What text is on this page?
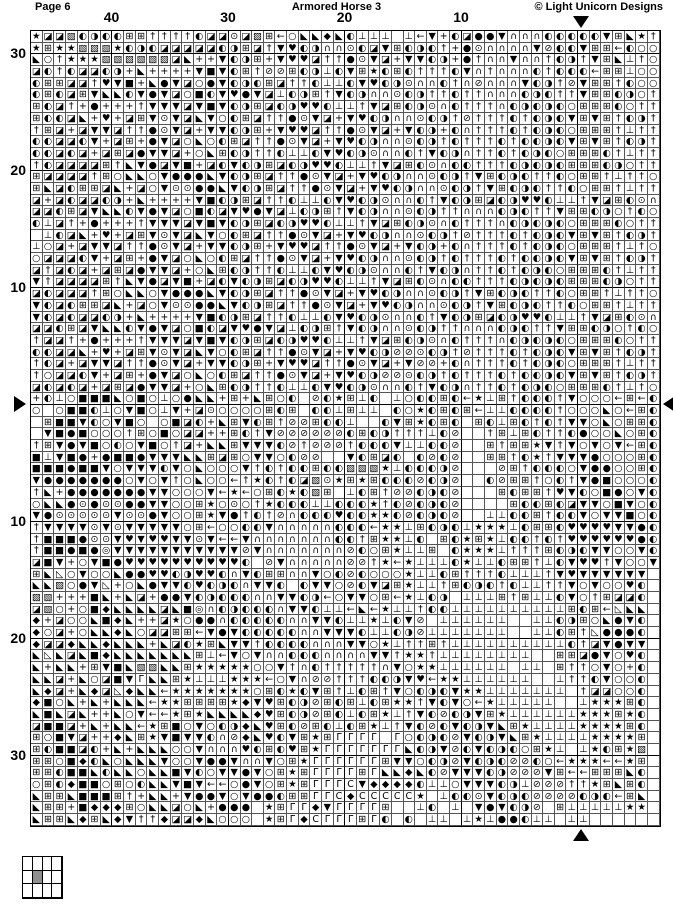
Page 6	Armored Horse 3	© Light Unicorn Designs
40	30	20	10
30
20
10
10
20
30
★ ◪ ◪ ▧ ◐ ◑ ◐ ◐ ⊞ ⊞ † † † † ◐ ◪ ◪ ⊙ ◪ ▧ ⊞ ← ○ ◣ ◣ ◆ ◣ ◐ ⊥ ⊥ ⊥ ⊥ ← ▼ + ◐ ◪ ● ● ▼ ∩ ∩ ∩ ◐ ◐ ◐ ◐ ◐ ▼ ⊞ ◣ ★ †
★ ⊞ ★ ★ ▧ ▧ ▧ ★ ◐ ◑ ◐ ◪ ◪ ◪ ◪ ◪ ◐ ◑ ⊞ ◪ † ▼ ♥ ◐ ◑ ∩ ∩ ⊙ ◐ ◪ ▼ ⊞ ◐ ◑ ◐ † + ● ⊙ ∩ ∩ ∩ ∩ ▼ ⊘ ◐ ◐ ▼ ⊞ ⊞ ← ◐ ○ ○
◣ ○ † ★ ★ ★ ▧ ▧ ▧ ▧ ▧ ▧ ◪ ◣ + + ▼ ◐ ◑ ⊞ + ▼ ♥ ♥ ◪ † † ● ⊙ ▼ ◪ + ▼ ▼ ◐ ◑ + ● † ∩ ∩ ▼ ∩ ∩ † ◐ ◑ † ▼ ⊞ ◣ ⊥ † ○
◪ ◐ † ◐ ◪ ◪ ◐ ◑ + ◣ + + + + ▼ ■ ▼ ◐ ⊞ † ⊘ ⊘ ⊞ ◐ ◑ ⊥ ◐ ▼ ⊞ ★ ◐ ⊞ ◐ † † † ◐ ▼ ∩ † ∩ ∩ ∩ ◐ † ◐ ◐ ◐ ← ⊞ ⊞ ⊥ ○ ○
◐ ⊞ ⊞ ◪ ◪ † ♥ ▼ ■ + ◣ ● ▼ ◪ ○ ● ▼ ◐ ◑ ◐ ⊞ ◪ † † ◐ ⊥ ⊥ ◐ ▼ ♥ ◐ ◑ ⊙ ∩ ∩ ◐ † ∩ ⊘ ∩ ∩ ∩ ▼ ◐ ◑ † ⊘ ▼ ⊞ ⊞ † ◐ ○ ○
◐ ⊞ ◐ ◪ ⊞ ▼ ◣ ◣ ◐ ▼ ● ▼ ◪ ○ ■ ◐ ▼ ♥ ● ▼ ◪ ⊥ ◐ ◑ ⊞ † ▼ ◐ ◑ ∩ ∩ ⊙ ◐ ◑ † † ◐ † † ∩ ∩ ∩ ◐ ◑ ◐ † † ▼ ⊞ ⊞ ◐ ◑ ○ †
⊞ ◐ ◪ † + ● + + + † ▼ ▼ ▼ ◪ ▼ ■ ▼ ◐ ◑ ⊞ ◪ ◐ ◑ ♥ ♥ ◐ ⊥ ⊥ † ▼ ◪ ⊞ ◐ ◑ ⊙ ∩ ◐ † † † ∩ ◐ ◑ ◐ ◑ ◐ ○ ⊞ ⊞ ⊞ ◐ ○ † †
⊞ ◐ ◐ ◪ ◣ + ♥ + ◪ ⊞ ▼ ⊙ ▼ ◪ ◣ ▼ ○ ◐ ⊞ ◪ † † ● ⊙ ▼ ◪ + ▼ ♥ ◐ ◑ ∩ ∩ ⊙ ◐ ◑ † ⊘ † † † ◐ † ◐ ◑ ◐ ▼ ⊞ ▼ ⊞ † ◐ ◑ †
† ⊞ ◪ + ◪ ▼ ▼ ◪ † † ● ⊙ ▼ ◪ + ▼ ▼ ◐ ◑ ⊞ + ▼ ♥ ♥ ◪ † † ● ⊙ ▼ ◪ + ▼ ◐ ◑ + ◐ ∩ † † † ◐ † ◐ ◑ ◐ ○ ⊞ ⊞ ⊞ † ⊥ † †
◐ ◐ ◪ ◪ ◐ ▼ + ◪ ⊞ + ● ▼ ◪ ○ ◣ ○ ◐ ⊞ ◪ † † ● ⊙ ▼ ◪ + ▼ ♥ ◐ ◑ ∩ ∩ ⊙ ◐ ◑ † ◐ † † † ◐ † ◐ ◐ ◑ ◐ ▼ ⊞ ▼ ⊞ † ◐ ◑ †
◐ ◐ ◪ ◐ ◪ + ◪ ⊞ ◪ ● ▼ ▼ ◪ + ○ ◣ ⊞ ◐ ◑ † † ◐ ⊥ ⊥ ◐ ▼ ♥ ◐ ◑ ⊙ ∩ ∩ ◐ † ▼ ◐ ◑ ∩ † † ◐ † ◐ ◑ ◐ ○ ⊞ ⊞ ⊞ ◐ † ⊥ † †
† ◐ ◪ ◪ ◪ ◪ ⊞ † ◣ ▼ ● ◪ ▼ ■ + ◪ ◐ ▼ ◐ ◑ ⊞ ◪ ◐ ◑ ♥ ♥ ◐ ⊥ ⊥ † ▼ ◪ ⊞ ◐ ⊙ ∩ ◐ ◐ † † † ◐ ◑ ◐ ◑ ◐ ⊞ ⊞ ⊞ ◐ ◑ ○ † †
⊞ ◪ ◪ ◪ ◪ † ⊞ ○ ◣ ◣ ○ ▼ ● ● ● ◣ ▼ ◐ ◑ ⊞ ◪ † † ● ⊙ ▼ ◪ + ▼ ♥ ◐ ◑ ∩ ∩ ⊙ ◐ ◑ † ▼ ⊞ ◐ ◑ ◐ † † ◐ ○ ⊞ ⊞ † ⊥ † † ○
⊞ ◣ ◪ ◐ ⊞ ⊞ ◪ ◣ + ◪ ○ ▼ ⊙ ⊙ ● ● ◣ ▼ ◐ ◑ ⊞ ◪ † † ● ⊙ ▼ ◪ + ▼ ♥ ◐ ◑ ∩ ∩ ⊙ ◐ ◑ † ▼ ⊞ ◐ ◑ ◐ † † ◐ ○ ⊞ ⊞ † ⊥ † †
◪ + ◪ ◐ ◪ ◪ ◐ ◑ + ◣ + + + + ▼ ■ ◐ ◑ ⊞ ◪ † † ◐ ⊥ ⊥ ◐ ▼ ♥ ◐ ◑ ⊙ ∩ ∩ ◐ † ▼ ◐ ◑ ⊞ ◪ ◐ ◑ ♥ ♥ ◐ ⊥ ⊥ † ▼ ◪ ⊞ ◐ ⊙ ∩
◪ ◪ ◐ ⊞ ◪ ▼ ◣ ◣ ◐ ▼ ● ▼ ◪ ○ ■ ◐ ◪ ▼ ♥ ● ▼ ◪ ⊥ ◐ ◑ ⊞ † ▼ ◐ ◑ ∩ ∩ ⊙ ◐ ◑ † † ∩ ∩ ∩ ◐ ◑ ◐ † † ▼ ⊞ ⊞ ◐ ◑ ○ † ◐ ○
◐ ⊥ ◪ † + ● + + + † ▼ ▼ ▼ ◪ ▼ ■ ▼ ◐ ◑ ⊞ ◪ ◐ ◑ ♥ ♥ ◐ ⊥ ⊥ † ▼ ◪ ⊞ ◐ ◑ ⊙ ∩ ◐ † † † ∩ ◐ ◑ ◐ ◑ ◐ ○ ⊞ ⊞ ⊞ ◐ ○ † †
⊥ ◐ ◪ ◣ + ♥ + ◪ ⊞ ▼ ⊙ ▼ ◪ ◣ ▼ ○ ◐ ⊞ ◪ † † ● ⊙ ▼ ◪ + ▼ ♥ ◐ ◑ ∩ ∩ ⊙ ◐ ◑ † ⊘ † † † ◐ † ◐ ◑ ◐ ▼ ⊞ ▼ ⊞ † ◐ ◑ †
⊥ ○ ◪ + ◪ ▼ ▼ ◪ † † ● ⊙ ▼ ◪ + ▼ ▼ ◐ ◑ ⊞ + ▼ ♥ ♥ ◪ † † ● ⊙ ▼ ◪ + ▼ ◐ ◑ + ◐ ∩ † † † ◐ † ◐ ◑ ◐ ○ ⊞ ⊞ ⊞ † ⊥ † ○
○ ◪ ◪ ◪ ◐ ▼ + ◪ ⊞ + ● ▼ ◪ ○ ◣ ○ ◐ ⊞ ◪ † † ● ⊙ ▼ ◪ + ▼ ♥ ◐ ◑ ∩ ∩ ⊙ ◐ ◑ † ◐ † † † ◐ † ◐ ◐ ◑ ◐ ▼ ⊞ ▼ ⊞ † ◐ ◑ †
◪ † ◪ ◐ ◪ + ◪ ⊞ ◪ ● ▼ ▼ ◪ + ○ ◣ ⊞ ◐ ◑ † † ◐ ⊥ ⊥ ◐ ▼ ♥ ◐ ◑ ⊙ ∩ ∩ ◐ † ▼ ◐ ◑ ∩ † † ◐ † ◐ ◑ ◐ ○ ⊞ ⊞ ⊞ ◐ † ⊥ † †
▼ † ◪ ◪ ◪ ◪ ⊞ † ◣ ▼ ● ◪ ▼ ■ + ◪ ◐ ▼ ◐ ◑ ⊞ ◪ ◐ ◑ ♥ ♥ ◐ ⊥ ⊥ † ▼ ◪ ⊞ ◐ ⊙ ∩ ◐ ◐ † † † ◐ ◑ ◐ ◑ ◐ ⊞ ⊞ ⊞ ◐ ◑ ○ † †
◪ ◐ ◪ ◪ ◪ † ⊞ ○ ◣ ◣ ○ ▼ ● ● ● ◣ ▼ ◐ ◑ ⊞ ◪ † † ● ⊙ ▼ ◪ + ▼ ♥ ◐ ◑ ∩ ∩ ⊙ ◐ ◑ † ▼ ⊞ ◐ ◑ ◐ † † ◐ ○ ⊞ ⊞ † ⊥ † † ○
▼ ◐ ◪ ◐ ⊞ ⊞ ◪ ◣ + ◪ ○ ▼ ⊙ ⊙ ● ● ◣ ▼ ◐ ◑ ⊞ ◪ † † ● ⊙ ▼ ◪ + ▼ ♥ ◐ ◑ ∩ ∩ ⊙ ◐ ◑ † ▼ ⊞ ◐ ◑ ◐ † † ◐ ○ ⊞ ⊞ † ⊥ † †
▼ ◐ ◪ ◐ ◪ ◪ ◐ ◑ + ◣ + + + + ▼ ■ ◐ ◑ ⊞ ◪ † † ◐ ⊥ ⊥ ◐ ▼ ♥ ◐ ◑ ⊙ ∩ ∩ ◐ † ▼ ◐ ◑ ⊞ ◪ ◐ ◑ ♥ ♥ ◐ ⊥ ⊥ † ▼ ◪ ⊞ ◐ ⊙ ∩
◪ ◪ ◐ ⊞ ◪ ▼ ◣ ◣ ◐ ▼ ● ▼ ◪ ○ ■ ◐ ◪ ▼ ♥ ● ▼ ◪ ⊥ ◐ ◑ ⊞ † ▼ ◐ ◑ ∩ ∩ ⊙ ◐ ◑ † † ∩ ∩ ∩ ◐ ◑ ◐ † † ▼ ⊞ ⊞ ◐ ◑ ○ † ◐ ○
† ◪ ◪ † + ● + + + † ▼ ▼ ▼ ◪ ▼ ■ ▼ ◐ ◑ ⊞ ◪ ◐ ◑ ♥ ♥ ◐ ⊥ ⊥ † ▼ ◪ ⊞ ◐ ◑ ⊙ ∩ ◐ † † † ∩ ◐ ◑ ◐ ◑ ◐ ○ ⊞ ⊞ ⊞ ◐ ○ † †
◐ ◐ ◪ ◪ ◣ + ♥ + ◪ ⊞ ▼ ⊙ ▼ ◪ ◣ ▼ ○ ◐ ⊞ ◪ † † ● ⊙ ▼ ◪ + ▼ ♥ ◐ ◑ ⊘ ⊘ ⊙ ◐ ◑ † ⊘ † † † ◐ † ◐ ◑ ◐ ▼ ⊞ ▼ ⊞ † ◐ ◑ †
† ◐ ◪ + ◪ ▼ ▼ ◪ † † ● ⊙ ▼ ◪ + ▼ ▼ ◐ ◑ ⊞ + ▼ ♥ ♥ ◪ † † ● ⊙ ▼ ◪ + ▼ ⊘ ⊘ + ◐ ∩ † † † ◐ † ◐ ◑ ◐ ○ ⊞ ⊞ ⊞ † ⊥ † †
† ○ ◪ ◪ ◐ ▼ + ◪ ⊞ + ● ▼ ◪ ○ ◣ ○ ◐ ⊞ ◪ † † ● ⊙ ▼ ◪ + ▼ ♥ ◐ ◑ ⊘ ⊘ ⊙ ◐ ◑ † ◐ † † † ◐ † ◐ ◐ ◑ ◐ ▼ ⊞ ▼ ⊞ † ◐ ◑ †
◪ ◐ ◪ ◐ ◪ + ◪ ⊞ ◪ ● ▼ ▼ ◪ + ○ ◣ ⊞ ◐ ◑ † † ◐ ⊥ ⊥ ◐ ▼ ♥ ◐ ◑ ⊙ ∩ ∩ ◐ † ▼ ◐ ◑ ∩ † † ◐ † ◐ ◑ ◐ ○ ⊞ ⊞ ⊞ ◐ † ⊥ † ○
+ ◐ ⊥ ○ ■ ■ ■ ◣ ○ ■ ○ ⊥ ○ ● ◣ ◣ + ⊞ + ◣ ⊞ ○ ◐ ⊘ ◐ ★ ⊞ ⊥ ◐ ⊥ ○ ◐ ◐ ⊞ ◐ ← ★ ⊥ ⊞ † ◐ ◐ ◐ † ▼ ○ ○ ○ ← ⊞ ← ◐
○ ○ ■ ■ ◐ ⊥ ○ ▼ ■ ○ ⊥ ▼ + ◪ ⊙ ○ ○ ○ ○ ⊞ ◐ ⊞ ◐ ◐ ⊥ ⊞ ⊥ ⊥ ◐ ○ ★ ◐ ⊞ ◐ ⊞ ← ⊥ ⊥ ◐ ◐ ◐ ◐ † ○ ○ ○ ◣ ○ ← ⊞ ◐
⊞ ■ ■ ▼ ◐ ○ ▼ ■ ○ ○ ■ ◪ ◐ + ◣ ⊞ ▼ ◐ ⊞ † ⊘ ⊘ ⊞ ◐ ◐ ⊥	◐ ▼ ⊞ ★ ◐ ⊞ ◐ ⊞ ◐ ⊥ ⊞ ◐ † ◐ † ▼ ▼ ○ ◣ ○ ⊞ ⊞ ◐
▼ ■ ● ■ ○ ○ ○ † ⊞ ○ ■ ○ ◪ ◪ + + ⊞ ◐ † ▼ ⊘ ⊘ ⊘ ⊘ ⊘ ⊘ ◐ ⊞ ◐ ◑ † † † ⊥ ◐ ⊘	† ⊞ ⊥ ⊞ ◐ † † ◐ ● ○ ○ ◣ ○ ⊞ ◐
† ⊞ ▼ ● ▼ ■ ○ ◐ ○ ▼ ■ ○ † ◪ + ◣ ◣ ⊞ ▼ ▼ ▼ ◐ ⊘ † ⊘ ⊘ ⊘ † ◐ ◐ ◐ ▼ ⊥ ⊥ ◐ ◐ ⊘	⊞ † ⊞ ⊞ ★ ▼ † ▼ ○ ▼ ○ ▼ ← ⊞ ◐
■ ⊥ ▼ ■ ● + ● ■ ■ ● ▼ ▼ ▼ ◣ ◣ ⊞ ◪ ⊞ ○ ▼ ▼ ○ ◐ ⊘ ⊘	▼ ◐ ⊞ ◪ ◐ ◐ ⊘ ◐ ⊘	⊞ ⊞ † ◐ ★ † ▼ ▼ ▼ ● ○ ○ ○ ⊞ ◐
■ ■ ■ ● ■ ■ ▼ ○ ▼ ▼ ▼ ◐ ▼ ○ ◣ ○ ○ ○ ▼ † ◐ † ◐ ◐ ⊞ ◐ ◐ ▧ ▧ ▧ ★ ⊥ ◐ ◐ ◐ ◑ ⊘	⊘ ⊞ † ◐ ◐ ◐ ○ ▼ ● ● ○ ○ ⊞ ◐
▼ ● ● ● ● ● ● ● ○ ▼ ○ ▼ † ○ ◣ ○ ○ ← † ★ ◐ † ◐ ◪ ▧ ⊙ ★ ⊞ ★ ⊞ ◐ ◐ ◐ ⊘ ◐ ◑ ⊘	◐ ⊘ ⊞ ⊞ † ○ ◐ † ▼ ● ■ ○ ○ ○ ◐
† ◣ + ● ● ● ● ● ● ● ▼ ▼ ○ ○ ○ ▼ ← ★ ← ○ ⊞ ◐ ★ ◐ ▧ ⊞ ⊥ ◐ ⊞ † ⊘ ⊘ ◐ ◑ ◐ ⊘	⊞ ◐ ⊞ ⊞ † ♥ ▼ ◐ ○ ■ ● ○ ▼ ◐
○ ◣ ◣ ● ⊙ ● ⊙ ⊙ ● ● ▼ ▼ ○ ○ ⊞ ★ ○ ⊙ ○ † ★ ◐ ◐ ◐ ⊥ ⊥ ◐ ◐ ◐ ★ † ◐ ⊘ ◐ ◑ ◐ ⊘	⊞ ◐ ◐ ⊞ ◐ ◪ ▼ ▼ ○ ■ ▼ ○ ◐
▼ ● ⊙ ⊙ ⊙ ⊙ ⊙ ▼ ⊙ ⊙ ● ▼ ○ ○ ⊞ ★ ▼ ● † ◐ † ⊘ ∩ ◐ ◐ ◐ ♥ ◐ ◐ ★ ★ ◐ ⊘ ◐ ◑ ◐ ⊘	⊥ ⊥ ◐ ◐ ⊞ † ◐ ◐ ▼ ○ ▼ ▼ ■ ○ ◐
† ▼ ▼ ▼ ▼ ⊙ ▼ ⊙ ▼ ▼ ▼ ▼ ▼ ○ ⊞ ← ○ ○ ◐ ◐ ▼ ∩ ∩ ∩ ∩ ∩ ◐ ◐ ◐ ← ★ ★ ⊥ ⊞ ◐ ◑ ◐ ⊥ ★ ★ ★ ⊥ ◐ ⊞ ⊞ ◐ ♥ ♥ ♥ ♥ ▼ ▼ ● ◐
† ■ ■ ■ ● ⊙ ⊙ ▼ ♥ ▼ ♥ ♥ ▼ ▼ ⊙ ▼ ← ← ▼ ∩ ∩ ∩ ∩ ∩ ∩ ∩ ◐ ◐ † ⊞ ★ ★ ⊥ ◐ ⊞ ◐ ★ ⊞ ★ ⊥ ◐ ◐ † ◐ † ♥ ♥ ♥ ♥ ♥ ♥ ● ◐
† ■ ■ ● ■ ● ◎ ▼ ▼ ▼ ▼ ▼ ▼ ▼ ▼ ▼ ▼ ▼ ⊘ ▼ ∩ ∩ ∩ ∩ ∩ ∩ ∩ ⊘ ◐ ○ ⊞ ★ ⊥ ⊥ ⊞ ◐ ★ ★ ★ ⊥ † † † ⊞ ◐ ◑ ◐ ▼ ▼ ○ ○ ▼ ◐
◪ ■ ▼ + ○ ▼ ■ ● ♥ ♥ ♥ ♥ ♥ ♥ ♥ ♥ ♥ ♥ ◐ ⊘ ▼ ∩ ∩ ∩ ∩ ∩ ⊘ ⊘ † ★ ← ★ ⊥ ⊥ ⊥ ◐ ★ ⊥ ⊥ ◐ ⊞ ⊞ † ⊥ ◐ ▼ ♥ ♥ † ▼ ○ ○ ▼
⊞ ◣ ◺ ○ ▼ ○ ○ ◣ ● ● ♥ ♥ ◐ ◑ ♥ ♥ ◐ ∩ ▼ ◐ ⊞ ⊞ ∩ ∩ ▼ ○ ◐ ⊘ ◐ ○ ○ ○ ★ ⊥ ⊥ ◐ ⊞ † † † ◐ ⊥ ⊥ ⊥ † ▼ ♥ ▼ ▼ ▼ ▼ ▼ ▼
◣ ◣ ▧ ○ ● ▼ ◺ + ○ ◣ ● ▼ ▼ ◐ ♥ ◐ ◑ ◐ ∩ ▼ ▼ ◐ ◐ ▼ ▼ ○ ⊘ ◐ ▼ ◪ ⊞ ★ ⊥ ⊥ † ⊞ ◐ ◑ ◐ † ◐ ⊥ ⊥ † † ▼ ○ ▼ ○ ○ ♥ ◐
▧ ▧ + + + ■ ◣ + ◣ ◪ + ● ● ▼ ◐ ◑ ◐ ◐ ◐ ∩ ∩ ▼ ▼ ◐ ◑ ← ○ ▼ ▼ ○ ⊞ ← ★ ⊥ ◐ ◑ ⊥ ⊥ ⊥ ⊞ † ⊞ ⊥ ⊥ ◐ ▼ ○ † ⊞ ◪ ◪ ◐
◪ ▧ ○ + ○ ■ ◆ ◣ ◣ ◣ ◣ ◪ ◣ ■ ◎ ∩ ◐ ◑ ◐ ◐ ◐ ∩ ▼ ▼ ◐ ⊥ ⊥ ← ◣ ← ★ ⊥ ⊥ † ◐ ◐ ⊥ ⊥ ⊥ ⊥ ⊥ ⊥ ⊥ ⊥ ⊥ ⊥ ⊞ ◐ ⊞ ← ◺ ◣ ◣
◆ + ◪ ○ ○ ◣ ■ ◆ ◣ + + ◪ ★ ○ ● ● ∩ ◐ ◐ ◐ ◐ ◐ ∩ ∩ ▼ ▼ ◐ ⊥ ⊥ ★ ⊥ ◐ ▼ ⊘ ⊥ ⊥ ⊥ ⊥ ⊥ ⊥	⊥ ⊥ ◐ ◑ ⊞ ○ ◣ ● ▼ ◐
◆ ○ ◪ + ○ ◣ ◣ ◆ ◣ ○ ◪ ◪ ⊞ ⊞ ← ▼ ● ▼ ◐ ◐ ◐ ◐ ◐ ∩ ∩ ▼ ▼ ▼ ◐ ⊥ ⊥ ◐ ◑ ⊘ ⊥ ⊥ ⊥ ⊥ ⊥ ⊥ ⊥	⊥ ⊥ ◐ ⊞ † ◺ ● ● ● ◐
◆ ◪ ◪ ◆ ◣ ◣ ◆ ◣ ◣ ◣ + ◣ ◪ ◐ ★ ⊞ ◣ ▼ ▼ † ◐ ◐ ◐ ◐ ∩ ∩ ∩ ▼ ▼ ○ ★ ⊥ † † ⊞ † ⊥ ⊥ ⊥ ⊥ ⊥ ⊥ ⊥ ⊥ ⊥ ⊥ ◐ † ◪ ▼ ● ▼ ▼
◣ ◺ ◣ ◪ ◣ ■ ◆ ◣ ◣ ◣ ◣ ◣ ◣ ◣ ⊞ ⊥ ← ▼ ○ ▼ ∩ ∩ ◐ ◐ ◐ ∩ ∩ ∩ ∩ ▼ ▼ † ★ ★ † ⊥ ⊥ ⊥ ⊥ ⊥ ⊥ ⊥ ⊥	⊞ ⊞ ◪ ● ▼ ○ ♥ ◐
◣ + ◣ ◣ + ⊞ ▼ ■ ◣ ▧ ▧ ◣ ◣ ⊞ ★ ★ ★ ★ ★ ○ ○ ▼ † ∩ ◐ † † † † † ∩ ▼ ○ ★ ★ ⊥ ⊥ ⊥ ⊥ ⊥ ⊥ ⊥ ⊥ ⊞ † † ○ ▼ ○ + ◐
◣ ◣ ◪ + ◣ ○ ◪ ■ ▼ Γ ◣ ◣ ⊞ ★ ⊥ ⊥ ⊥ ★ ★ ★ ← ○ ▼ ∩ ⊘ ⊘ † † † ◐ ◐ ◑ ▼ ♥ ← ★ ★ ⊥ ⊥ ⊥ ⊥ ⊥ ⊥	⊥ † † ◐ ▼ ○ ○ ◐
◣ ◆ ◪ + ◣ ◆ ◪ ◺ ◆ ◣ ◣ ← ★ ★ ★ ★ ★ ★ ★ ○ ⊞ ◐ ★ ◐ ▼ ⊞ † ⊥ ◐ ⊞ † ▼ ○ ◐ ◑ ◐ ▼ ★ ★ ⊥ ⊥ ⊥ ⊥ ⊥ ⊥ ⊥	† ◪ ◪ ○ ○ ◐
◆ ■ ○ ◣ + ◣ + ◣ ◣ ◣ ← ★ ★ ⊞ ⊞ ⊞ ⊞ ★ ◆ ▼ ♥ ⊞ ◐ ◑ ⊘ ⊞ ◐ ⊞ ⊥ ◐ ⊞ ★ ★ † ▼ ◐ ▼ ○ ← ★ ⊥ ⊥ ⊥ ⊥ ⊥	⊥ ★ ★ ★ ⊞ ◐
◣ ■ ◣ ◪ ◣ + + ◣ ○ ▼ ← ← ★ ⊞ ★ ◣ ◣ ◣ ◣ ◆ ♥ ⊞ ◐ ◑ ⊘ ⊞ ◐ ⊥ ◐ ⊞ ★ ⊥ † ▼ ◐ ⊘ ◐ ◑ ▼ ⊞ ★ ⊥ ⊥ ⊥ ⊥ ⊥ ⊥ ★ ★ ★ ⊞ ★ ◐
◪ ■ ■ ◪ + ◣ + ◣ ◣ ← ★ ⊞ ■ ○ ▼ ○ ◐ ◑ ◆ ◣ ♥ ⊞ ◐ ⊘ ⊞ ◐ ⊥ ◐ ⊞ ★ ⊥ † ▼ ◐ ⊘ ◐ ▼ ◐ ◑ ▼ ◣ ⊞ ★ ⊥ ⊥ ⊥ ⊥ ★ ★ ★ ★ ⊞ ◐
⊞ ○ ■ ▼ ◪ + + ◆ ◣ ⊞ ★ ▼ ■ ▼ ▼ ◐ ∩ ⊘ ◆ ◣ ♥ ◐ ▼ ⊞ ★ ⊞ Γ Γ Γ Γ	Γ ○ ◐ ◑ ◐ ⊘ ▼ ◐ ◑ ▼ ◣ ⊞ ★ ⊥ ⊥ ⊥ ⊥ ★ ★ ★ ★ ⊞
⊞ ◐ ■ ■ ◪ ◐ + ◣ + ◣ ◣ ◣ ○ ○ ▼ ∩ ∩ ∩ ♥ ◐ ⊞ ◐ ♥ ⊞ ★ Γ Γ Γ Γ Γ Γ Γ ◣ ◐ ◑ ▼ ⊘ ◐ ▼ ◐ ◑ ◐ ○ ⊞ ★ ⊥ ⊥ ★ ◐ ⊞ ★ ▧
⊞ ⊞ ○ ■ ◆ ◐ ◣ ○ ◣ ◣ ◣ ▼ ○ ○ ▼ ● ● ▼ ∩ ∩ ▼ ○ ⊞ ★ Γ Γ Γ Γ Γ Γ ⊞ ▼ ▼ ○ ◐ ◑ ⊘ ▼ ◐ ◑ ◐ ⊘ ⊘ ◐ ○ ← ★ ★ ★ ← ← ★ ⊞
⊞ ⊞ ◐ ■ ■ ◣ ◐ ◣ ◣ ○ ◣ ◣ ■ ▼ ◐ ○ ▼ ▼ ● ▼ ○ ⊞ ★ ⊞ Γ Γ Γ Γ ⊞ Γ ◣ ◣ ◆ ◣ ◐ ⊘ ▼ ▼ ▼ ◐ ◑ ⊘ ⊘ ⊘ ▼ ⊞ ← ← ⊞ ⊞ ⊞ ◣ ◐
○ ⊞ ◐ ◆ ■ ■ ○ ⊞ ○ ◐ ◣ ◣ ▼ ■ ▼ ← ← ○ ● ▼ ○ ⊞ ★ ⊞ Γ Γ Γ C ▼ ◆ ◆ ◆ ◆ ◐ ⊥ ⊥ ○ ▼ ▼ ▼ ◐ ◑ ⊥ ⊘ ⊘ ⊘ † † ★ ⊞ ◣ ⊞ ◐
◣ ⊞ ⊞ ◣ ■ ■ ■ ⊞ † + ◣ ◣ + ▼ ● ● ▼ ○ ▼ ● ● ◐ ⊞ ⊞ Γ Γ C ◆ C C C C C ★ ⊥ ◐ ◐ ⊙ ▼ ◐ ◑ ◐ ⊘ ⊘ ⊘ ⊘ ◐ ◑ ◐ ← ⊞ ◣
◣ ⊞ ⊞ + ■ ◆ ◆ ◆ ⊞ ○ ◣ ◣ ◪ ○ ◣ + ● ● ● ★ ⊞ Γ Γ ◆ ▼ Γ Γ Γ Γ ⊞	⊥ ◐ ⊥ ▼ ● ▼ ◐ ◑ ⊘ ⊞ ⊥ ⊥ ⊥ ⊥ ⊥ ★ ★
◣ ⊞ ⊞ ◣ ◆ ⊞ ◣ ◆ ▼ † † ◆ ◪ ◪ ◆ ◣ ○ ○ ○ ★ ⊞ Γ ◆ C Γ Γ Γ ⊞ Γ ◐ ◐ ⊥ ⊥ ⊥ ★ ⊥ ● ● ◐ ⊥ ⊥ ⊥ ⊥
